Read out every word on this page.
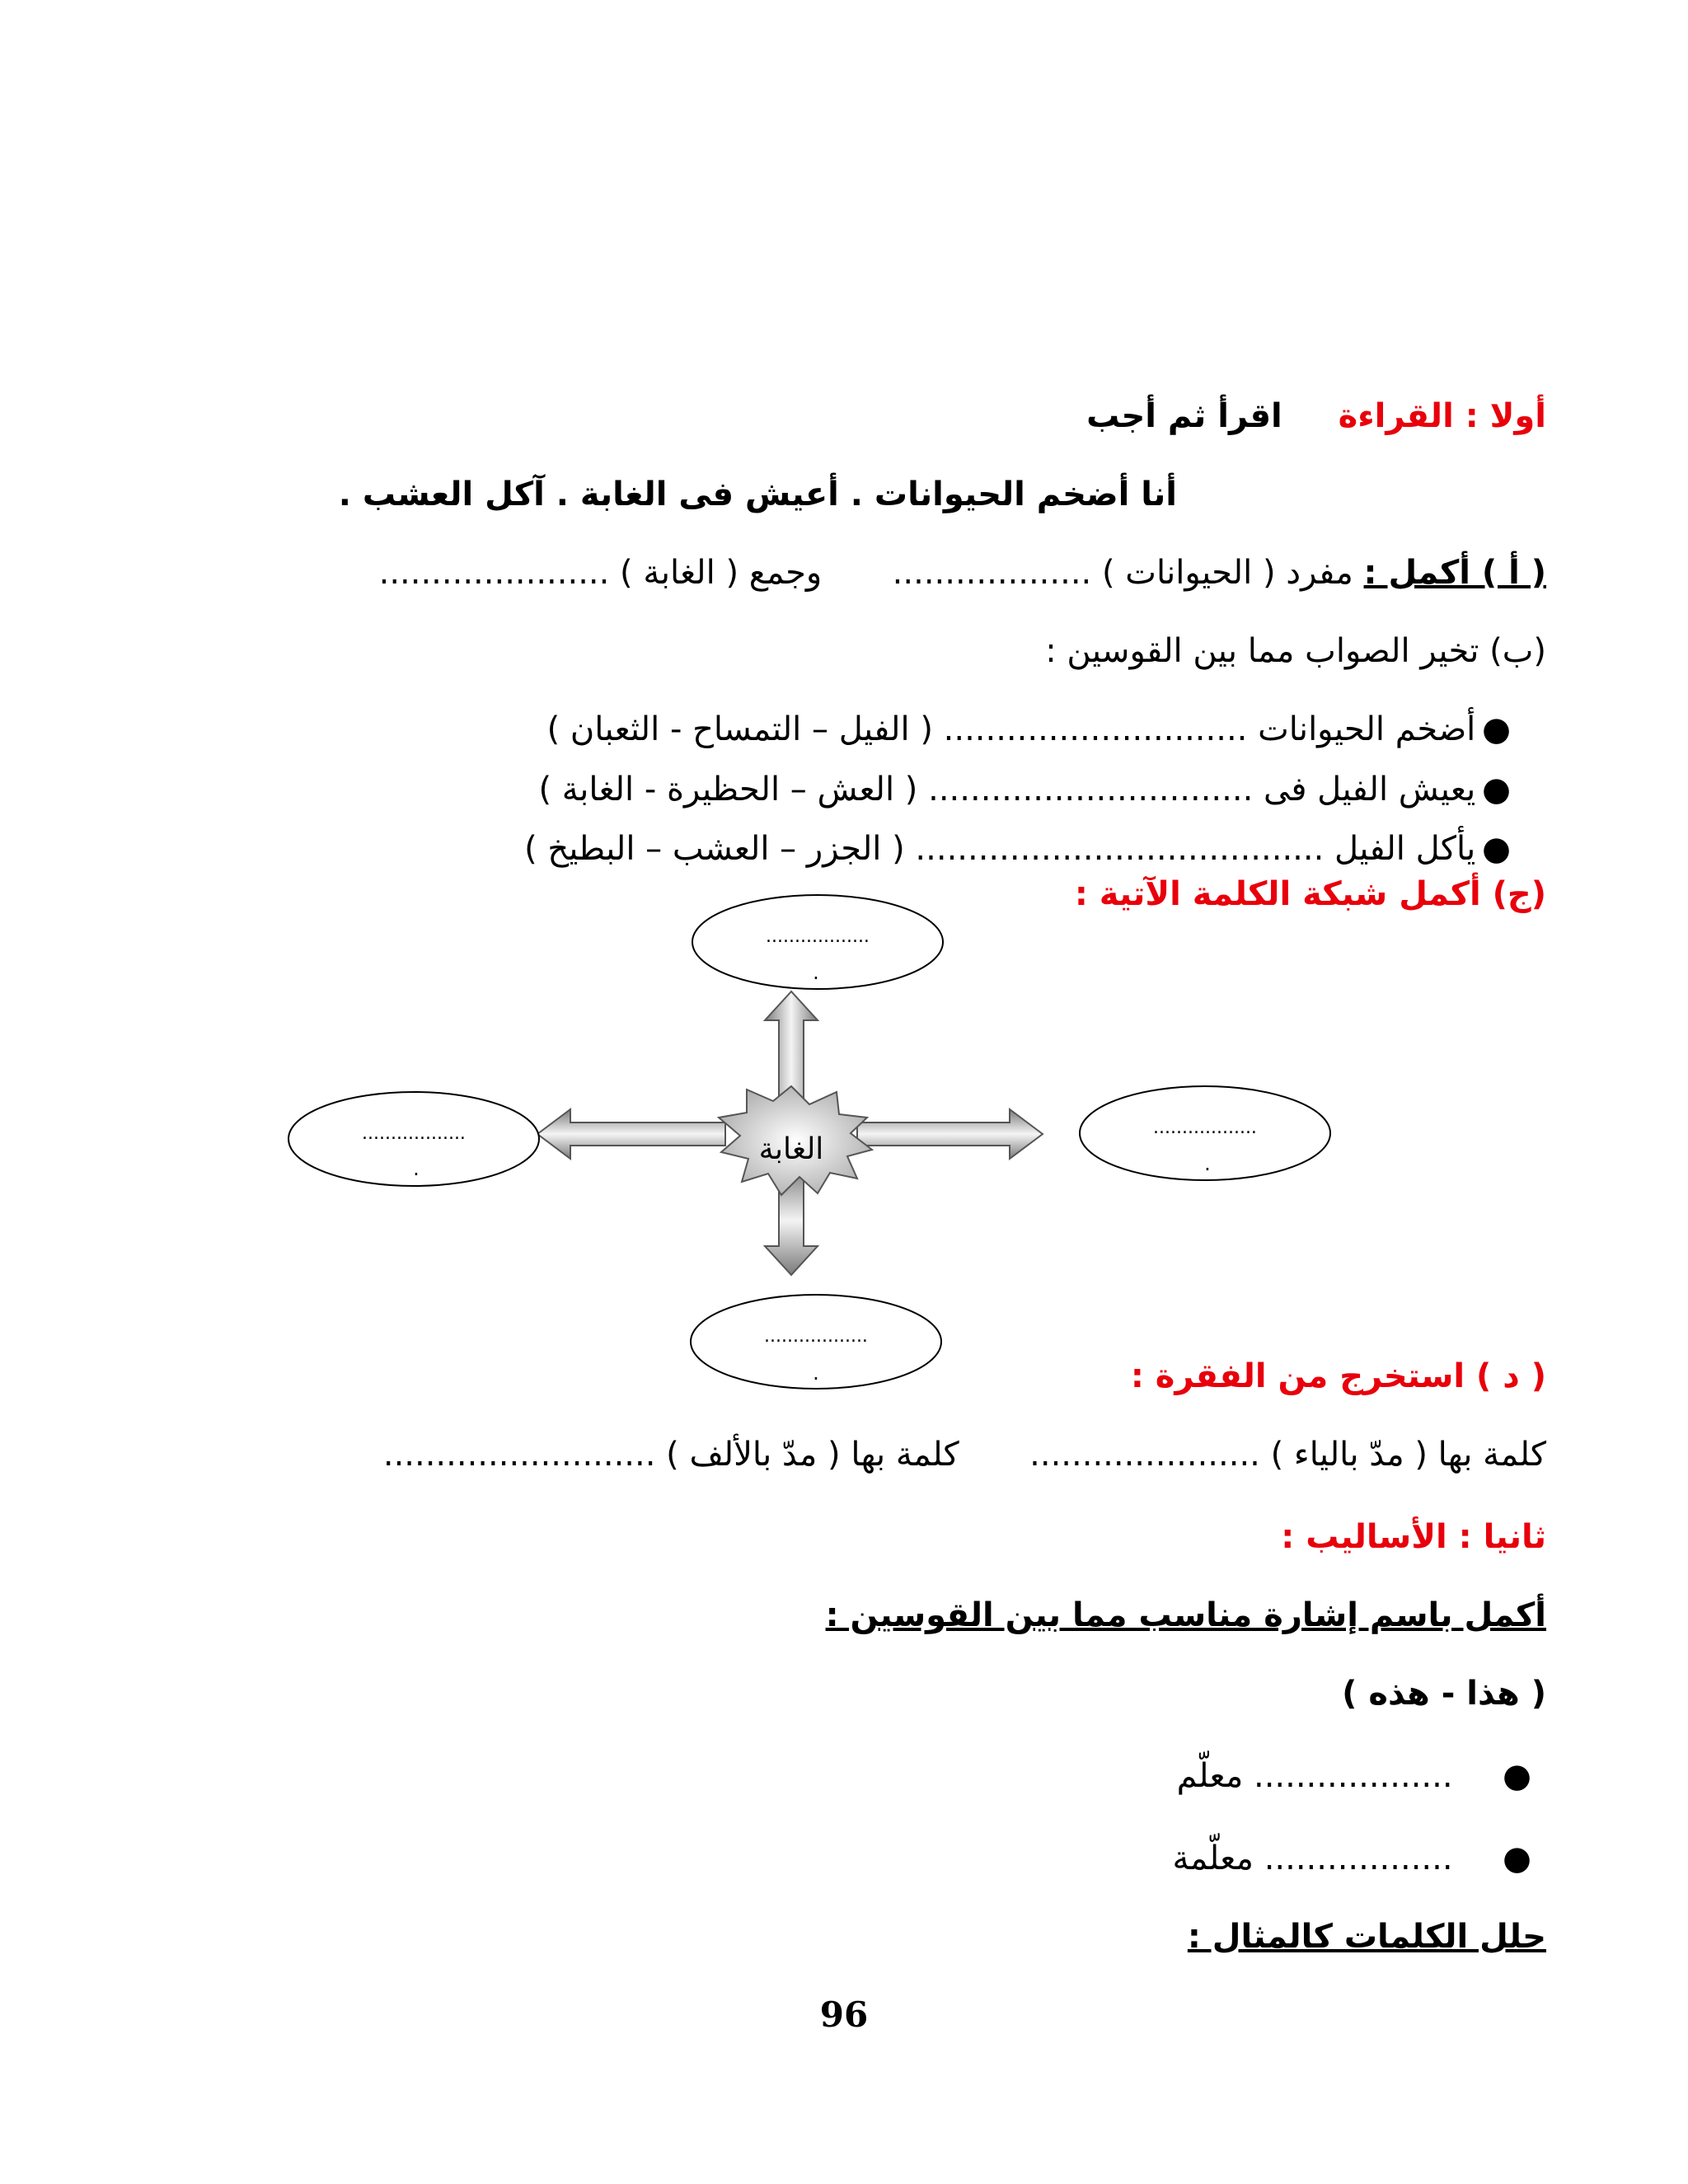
أولا : القراءة  اقرأ ثم أجب
أنا أضخم الحيوانات . أعيش فى الغابة . آكل العشب .
( أ ) أكمل : مفرد ( الحيوانات ) ...................  وجمع ( الغابة ) ......................
(ب) تخير الصواب مما بين القوسين :
● أضخم الحيوانات ............................. ( الفيل – التمساح - الثعبان )
● يعيش الفيل فى ............................... ( العش – الحظيرة - الغابة )
● يأكل الفيل ....................................... ( الجزر – العشب – البطيخ )
(ج) أكمل شبكة الكلمة الآتية :
الغابة
..................
.
..................
.
..................
.
..................
.	( د ) استخرج من الفقرة :
كلمة بها ( مدّ بالياء ) ......................  كلمة بها ( مدّ بالألف ) ..........................
ثانيا : الأساليب :
أكمل باسم إشارة مناسب مما بين القوسين :
( هذا - هذه )
●  ................... معلّم
●  .................. معلّمة
حلل الكلمات كالمثال :
96
